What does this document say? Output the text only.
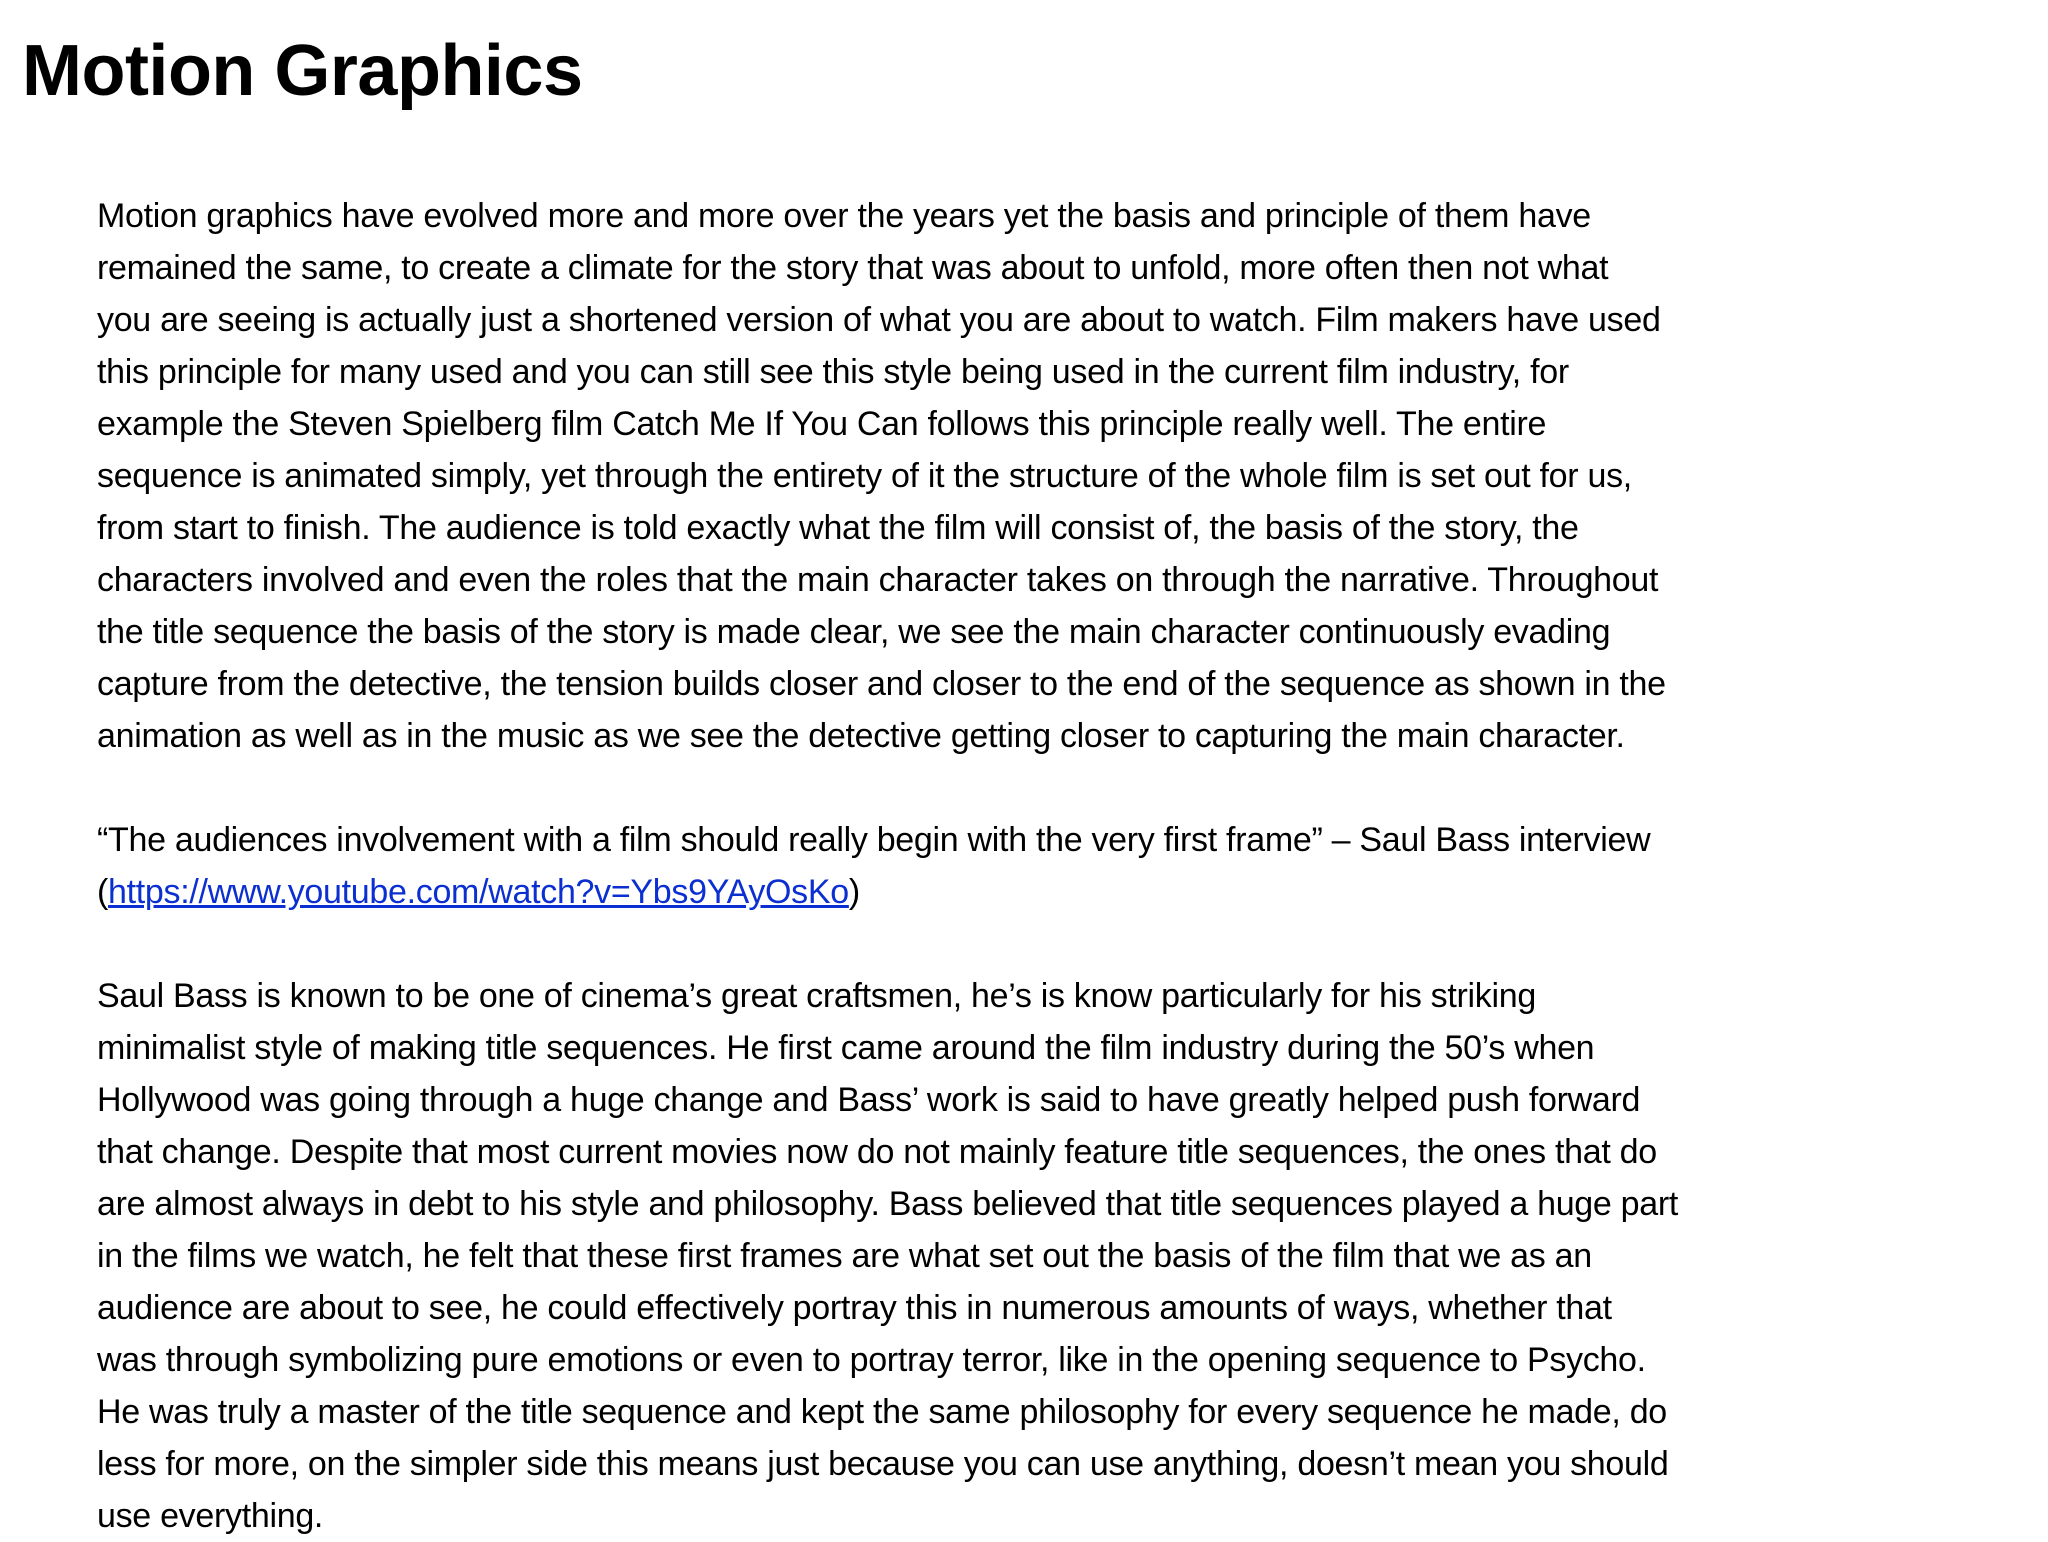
Motion Graphics

Motion graphics have evolved more and more over the years yet the basis and principle of them have
remained the same, to create a climate for the story that was about to unfold, more often then not what
you are seeing is actually just a shortened version of what you are about to watch. Film makers have used
this principle for many used and you can still see this style being used in the current film industry, for
example the Steven Spielberg film Catch Me If You Can follows this principle really well. The entire
sequence is animated simply, yet through the entirety of it the structure of the whole film is set out for us,
from start to finish. The audience is told exactly what the film will consist of, the basis of the story, the
characters involved and even the roles that the main character takes on through the narrative. Throughout
the title sequence the basis of the story is made clear, we see the main character continuously evading
capture from the detective, the tension builds closer and closer to the end of the sequence as shown in the
animation as well as in the music as we see the detective getting closer to capturing the main character.

“The audiences involvement with a film should really begin with the very first frame” – Saul Bass interview
(https://www.youtube.com/watch?v=Ybs9YAyOsKo)

Saul Bass is known to be one of cinema’s great craftsmen, he’s is know particularly for his striking
minimalist style of making title sequences. He first came around the film industry during the 50’s when
Hollywood was going through a huge change and Bass’ work is said to have greatly helped push forward
that change. Despite that most current movies now do not mainly feature title sequences, the ones that do
are almost always in debt to his style and philosophy. Bass believed that title sequences played a huge part
in the films we watch, he felt that these first frames are what set out the basis of the film that we as an
audience are about to see, he could effectively portray this in numerous amounts of ways, whether that
was through symbolizing pure emotions or even to portray terror, like in the opening sequence to Psycho.
He was truly a master of the title sequence and kept the same philosophy for every sequence he made, do
less for more, on the simpler side this means just because you can use anything, doesn’t mean you should
use everything.
